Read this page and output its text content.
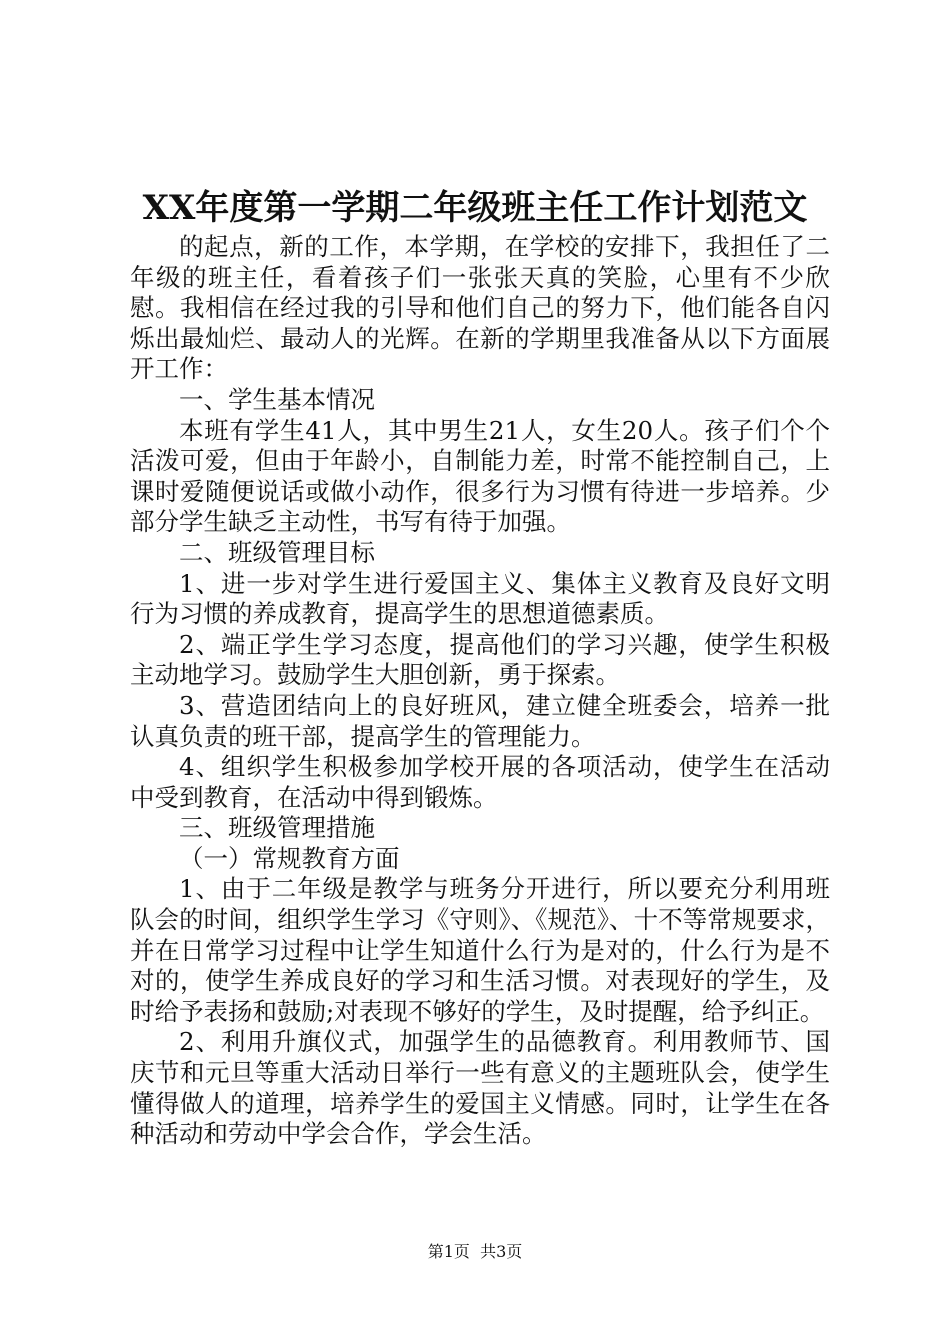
XX年度第一学期二年级班主任工作计划范文

的起点，新的工作，本学期，在学校的安排下，我担任了二年级的班主任，看着孩子们一张张天真的笑脸，心里有不少欣慰。我相信在经过我的引导和他们自己的努力下，他们能各自闪烁出最灿烂、最动人的光辉。在新的学期里我准备从以下方面展开工作：

一、学生基本情况

本班有学生41人，其中男生21人，女生20人。孩子们个个活泼可爱，但由于年龄小，自制能力差，时常不能控制自己，上课时爱随便说话或做小动作，很多行为习惯有待进一步培养。少部分学生缺乏主动性，书写有待于加强。

二、班级管理目标

1、进一步对学生进行爱国主义、集体主义教育及良好文明行为习惯的养成教育，提高学生的思想道德素质。

2、端正学生学习态度，提高他们的学习兴趣，使学生积极主动地学习。鼓励学生大胆创新，勇于探索。

3、营造团结向上的良好班风，建立健全班委会，培养一批认真负责的班干部，提高学生的管理能力。

4、组织学生积极参加学校开展的各项活动，使学生在活动中受到教育，在活动中得到锻炼。

三、班级管理措施

（一）常规教育方面

1、由于二年级是教学与班务分开进行，所以要充分利用班队会的时间，组织学生学习《守则》、《规范》、十不等常规要求，并在日常学习过程中让学生知道什么行为是对的，什么行为是不对的，使学生养成良好的学习和生活习惯。对表现好的学生，及时给予表扬和鼓励;对表现不够好的学生，及时提醒，给予纠正。

2、利用升旗仪式，加强学生的品德教育。利用教师节、国庆节和元旦等重大活动日举行一些有意义的主题班队会，使学生懂得做人的道理，培养学生的爱国主义情感。同时，让学生在各种活动和劳动中学会合作，学会生活。

第1页  共3页
